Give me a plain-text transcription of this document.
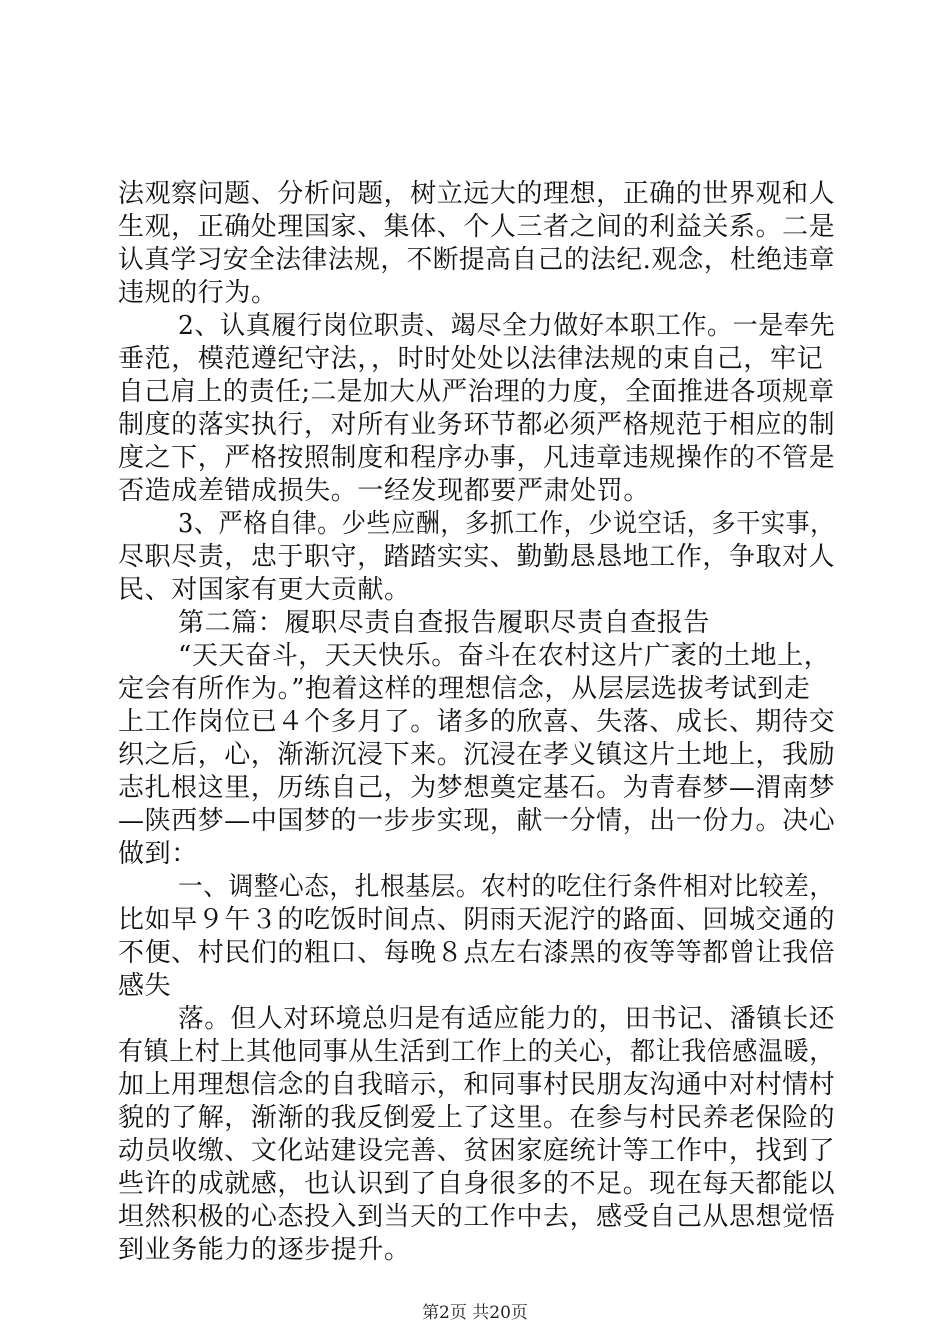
法观察问题、分析问题，树立远大的理想，正确的世界观和人
生观，正确处理国家、集体、个人三者之间的利益关系。二是
认真学习安全法律法规，不断提高自己的法纪.观念，杜绝违章
违规的行为。
2、认真履行岗位职责、竭尽全力做好本职工作。一是奉先
垂范，模范遵纪守法，，时时处处以法律法规的束自己，牢记
自己肩上的责任;二是加大从严治理的力度，全面推进各项规章
制度的落实执行，对所有业务环节都必须严格规范于相应的制
度之下，严格按照制度和程序办事，凡违章违规操作的不管是
否造成差错成损失。一经发现都要严肃处罚。
3、严格自律。少些应酬，多抓工作，少说空话，多干实事，
尽职尽责，忠于职守，踏踏实实、勤勤恳恳地工作，争取对人
民、对国家有更大贡献。
第二篇：履职尽责自查报告履职尽责自查报告
“天天奋斗，天天快乐。奋斗在农村这片广袤的土地上，
定会有所作为。”抱着这样的理想信念，从层层选拔考试到走
上工作岗位已４个多月了。诸多的欣喜、失落、成长、期待交
织之后，心，渐渐沉浸下来。沉浸在孝义镇这片土地上，我励
志扎根这里，历练自己，为梦想奠定基石。为青春梦—渭南梦
—陕西梦—中国梦的一步步实现，献一分情，出一份力。决心
做到：
一、调整心态，扎根基层。农村的吃住行条件相对比较差，
比如早９午３的吃饭时间点、阴雨天泥泞的路面、回城交通的
不便、村民们的粗口、每晚８点左右漆黑的夜等等都曾让我倍
感失
落。但人对环境总归是有适应能力的，田书记、潘镇长还
有镇上村上其他同事从生活到工作上的关心，都让我倍感温暖，
加上用理想信念的自我暗示，和同事村民朋友沟通中对村情村
貌的了解，渐渐的我反倒爱上了这里。在参与村民养老保险的
动员收缴、文化站建设完善、贫困家庭统计等工作中，找到了
些许的成就感，也认识到了自身很多的不足。现在每天都能以
坦然积极的心态投入到当天的工作中去，感受自己从思想觉悟
到业务能力的逐步提升。
第2页 共20页
